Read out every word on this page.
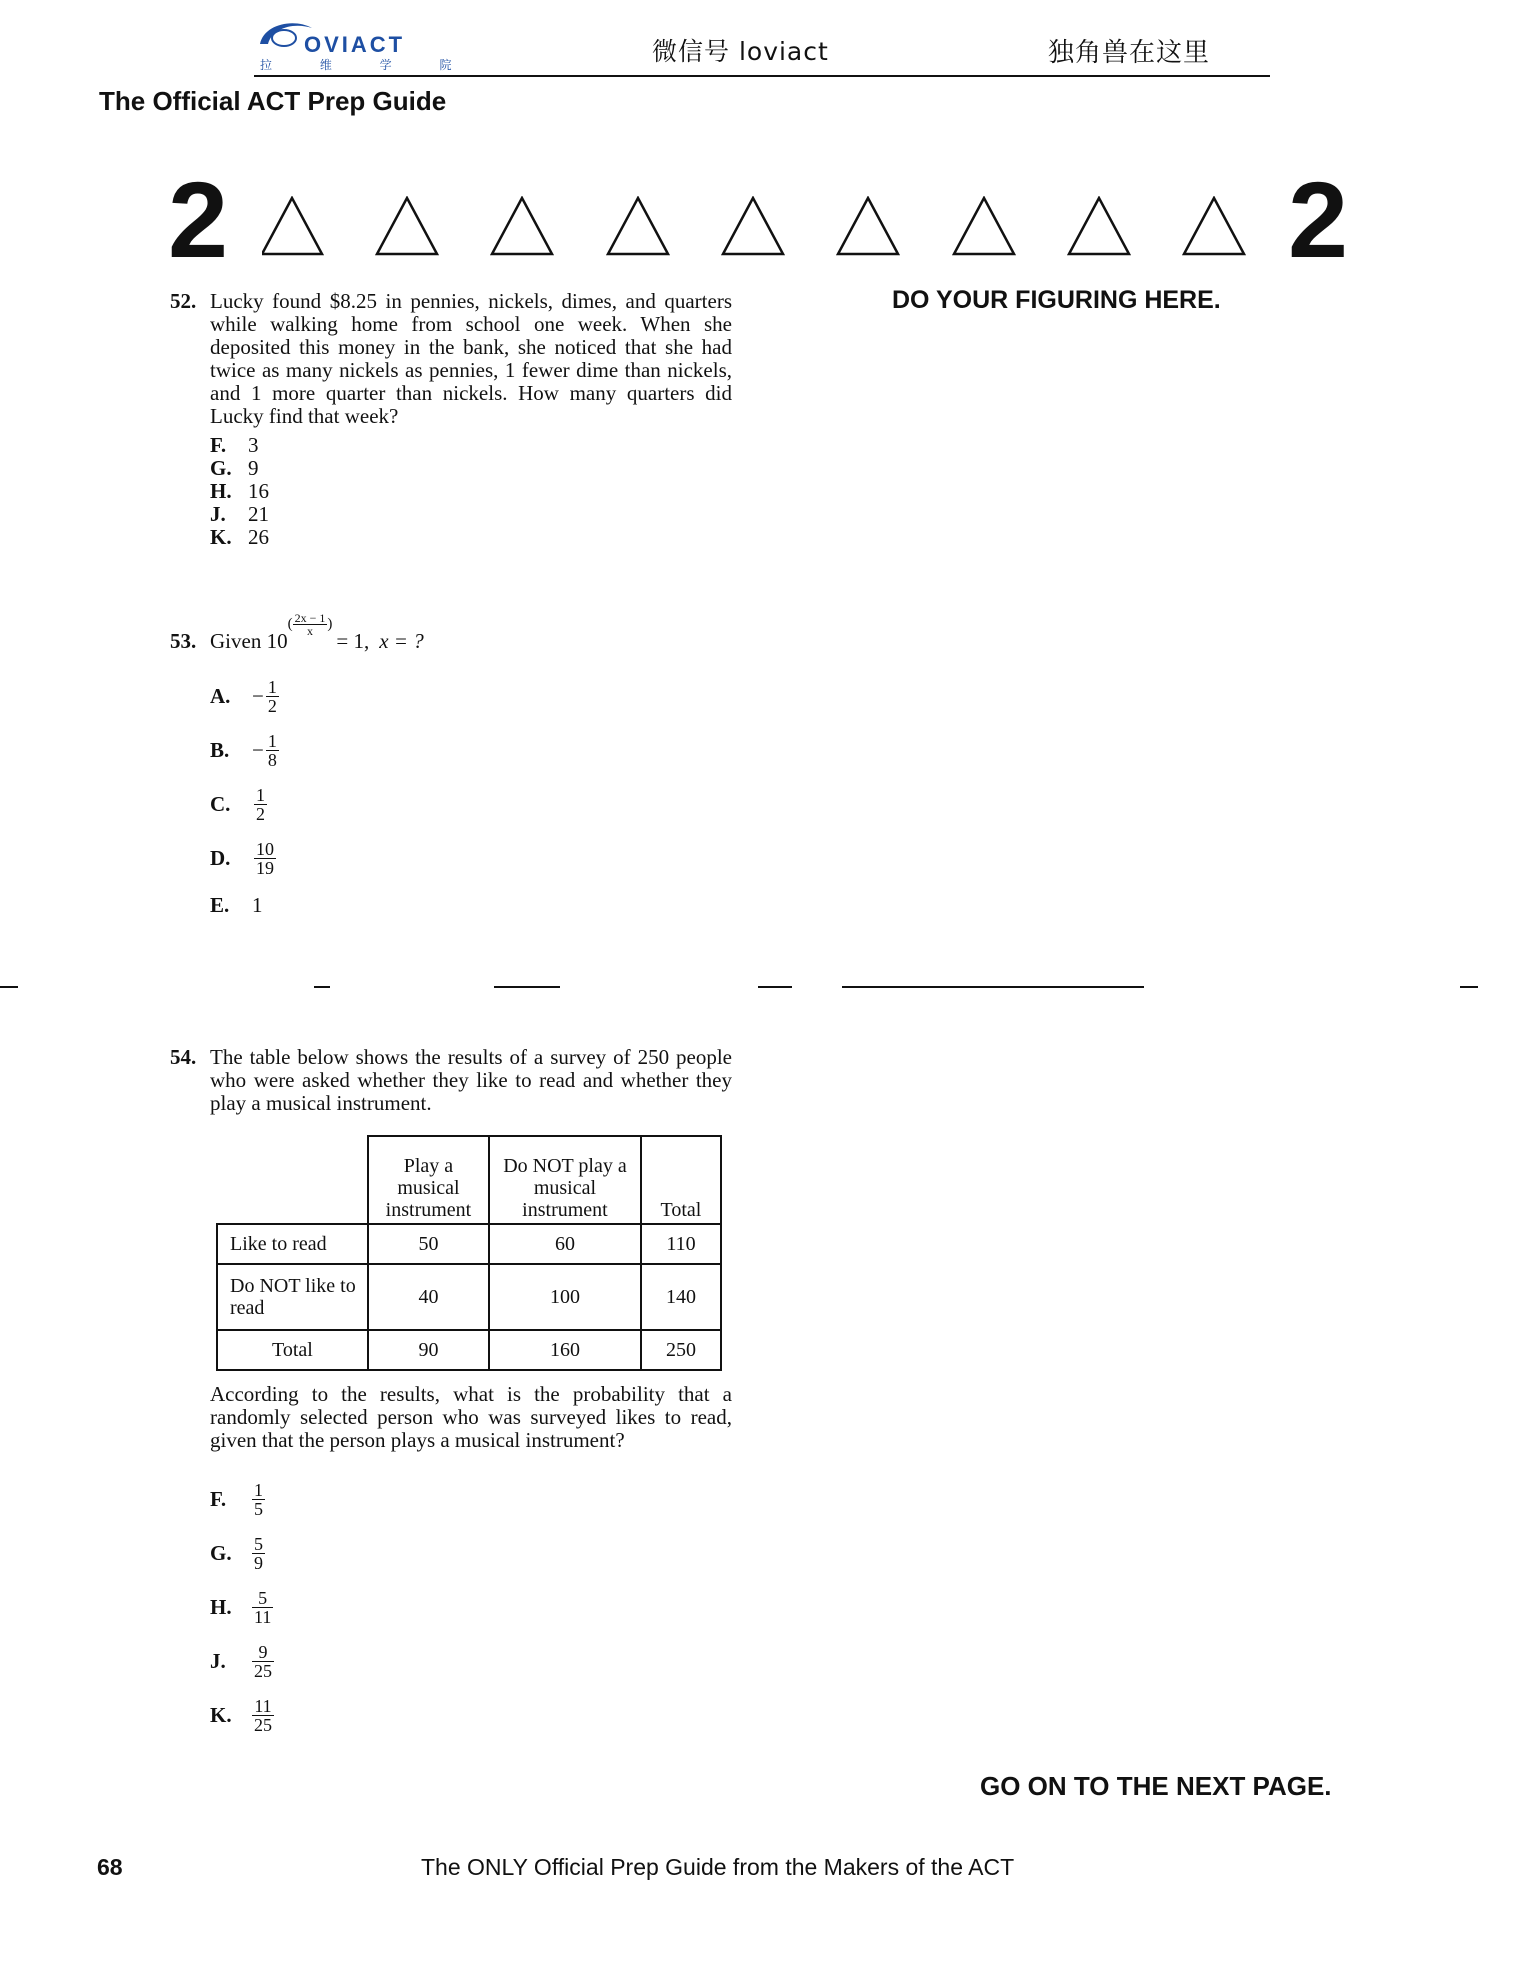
OVIACT
拉 维 学 院	微信号 loviact	独角兽在这里
The Official ACT Prep Guide
2	2
DO YOUR FIGURING HERE.
52. Lucky found $8.25 in pennies, nickels, dimes, and quarters while walking home from school one week. When she deposited this money in the bank, she noticed that she had twice as many nickels as pennies, 1 fewer dime than nickels, and 1 more quarter than nickels. How many quarters did Lucky find that week?
F. 3
G. 9
H. 16
J. 21
K. 26
53. Given 10
( $\frac{2x - 1}{x}$ )
= 1, x = ?
A.	− $\frac{1}{2}$
B.	− $\frac{1}{8}$
C.	$\frac{1}{2}$
D.	$\frac{10}{19}$
E.	1
54. The table below shows the results of a survey of 250 people who were asked whether they like to read and whether they play a musical instrument.
	Play a musical instrument	Do NOT play a musical instrument	Total
Like to read	50	60	110
Do NOT like to read	40	100	140
Total	90	160	250
According to the results, what is the probability that a randomly selected person who was surveyed likes to read, given that the person plays a musical instrument?
F.	$\frac{1}{5}$
G.	$\frac{5}{9}$
H.	$\frac{5}{11}$
J.	$\frac{9}{25}$
K.	$\frac{11}{25}$
GO ON TO THE NEXT PAGE.
68	The ONLY Official Prep Guide from the Makers of the ACT
